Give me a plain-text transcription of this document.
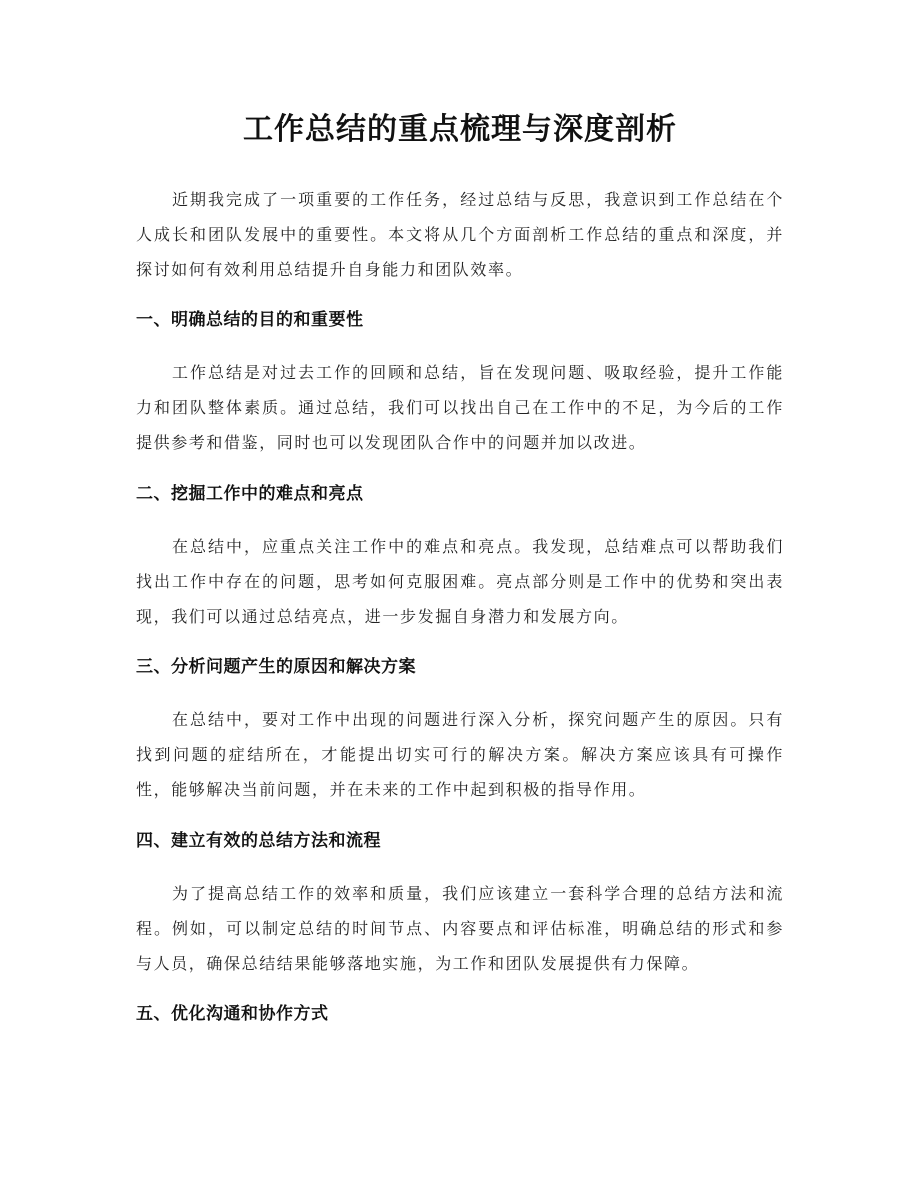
工作总结的重点梳理与深度剖析
近期我完成了一项重要的工作任务，经过总结与反思，我意识到工作总结在个人成长和团队发展中的重要性。本文将从几个方面剖析工作总结的重点和深度，并探讨如何有效利用总结提升自身能力和团队效率。
一、明确总结的目的和重要性
工作总结是对过去工作的回顾和总结，旨在发现问题、吸取经验，提升工作能力和团队整体素质。通过总结，我们可以找出自己在工作中的不足，为今后的工作提供参考和借鉴，同时也可以发现团队合作中的问题并加以改进。
二、挖掘工作中的难点和亮点
在总结中，应重点关注工作中的难点和亮点。我发现，总结难点可以帮助我们找出工作中存在的问题，思考如何克服困难。亮点部分则是工作中的优势和突出表现，我们可以通过总结亮点，进一步发掘自身潜力和发展方向。
三、分析问题产生的原因和解决方案
在总结中，要对工作中出现的问题进行深入分析，探究问题产生的原因。只有找到问题的症结所在，才能提出切实可行的解决方案。解决方案应该具有可操作性，能够解决当前问题，并在未来的工作中起到积极的指导作用。
四、建立有效的总结方法和流程
为了提高总结工作的效率和质量，我们应该建立一套科学合理的总结方法和流程。例如，可以制定总结的时间节点、内容要点和评估标准，明确总结的形式和参与人员，确保总结结果能够落地实施，为工作和团队发展提供有力保障。
五、优化沟通和协作方式
